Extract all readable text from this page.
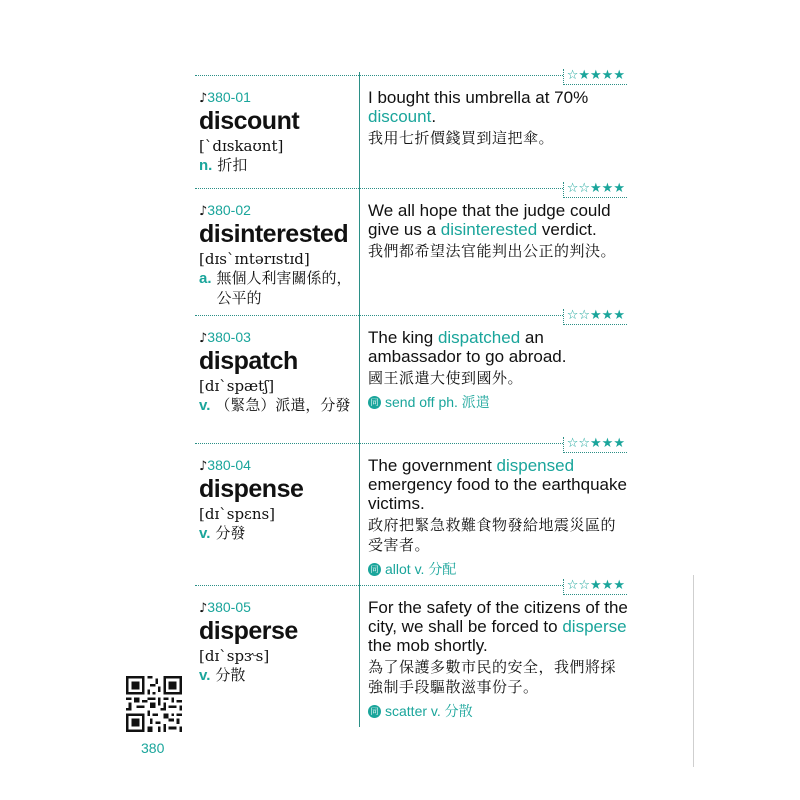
☆★★★★
♪380-01
discount
[ˋdɪskaʊnt]
n. 折扣
I bought this umbrella at 70% discount.
我用七折價錢買到這把傘。
☆☆★★★
♪380-02
disinterested
[dɪsˋɪntərɪstɪd]
a. 無個人利害關係的，公平的
We all hope that the judge could give us a disinterested verdict.
我們都希望法官能判出公正的判決。
☆☆★★★
♪380-03
dispatch
[dɪˋspætʃ]
v. （緊急）派遣，分發
The king dispatched an ambassador to go abroad.
國王派遣大使到國外。
同 send off ph. 派遣
☆☆★★★
♪380-04
dispense
[dɪˋspɛns]
v. 分發
The government dispensed emergency food to the earthquake victims.
政府把緊急救難食物發給地震災區的受害者。
同 allot v. 分配
☆☆★★★
♪380-05
disperse
[dɪˋspɝs]
v. 分散
For the safety of the citizens of the city, we shall be forced to disperse the mob shortly.
為了保護多數市民的安全，我們將採強制手段驅散滋事份子。
同 scatter v. 分散
380
